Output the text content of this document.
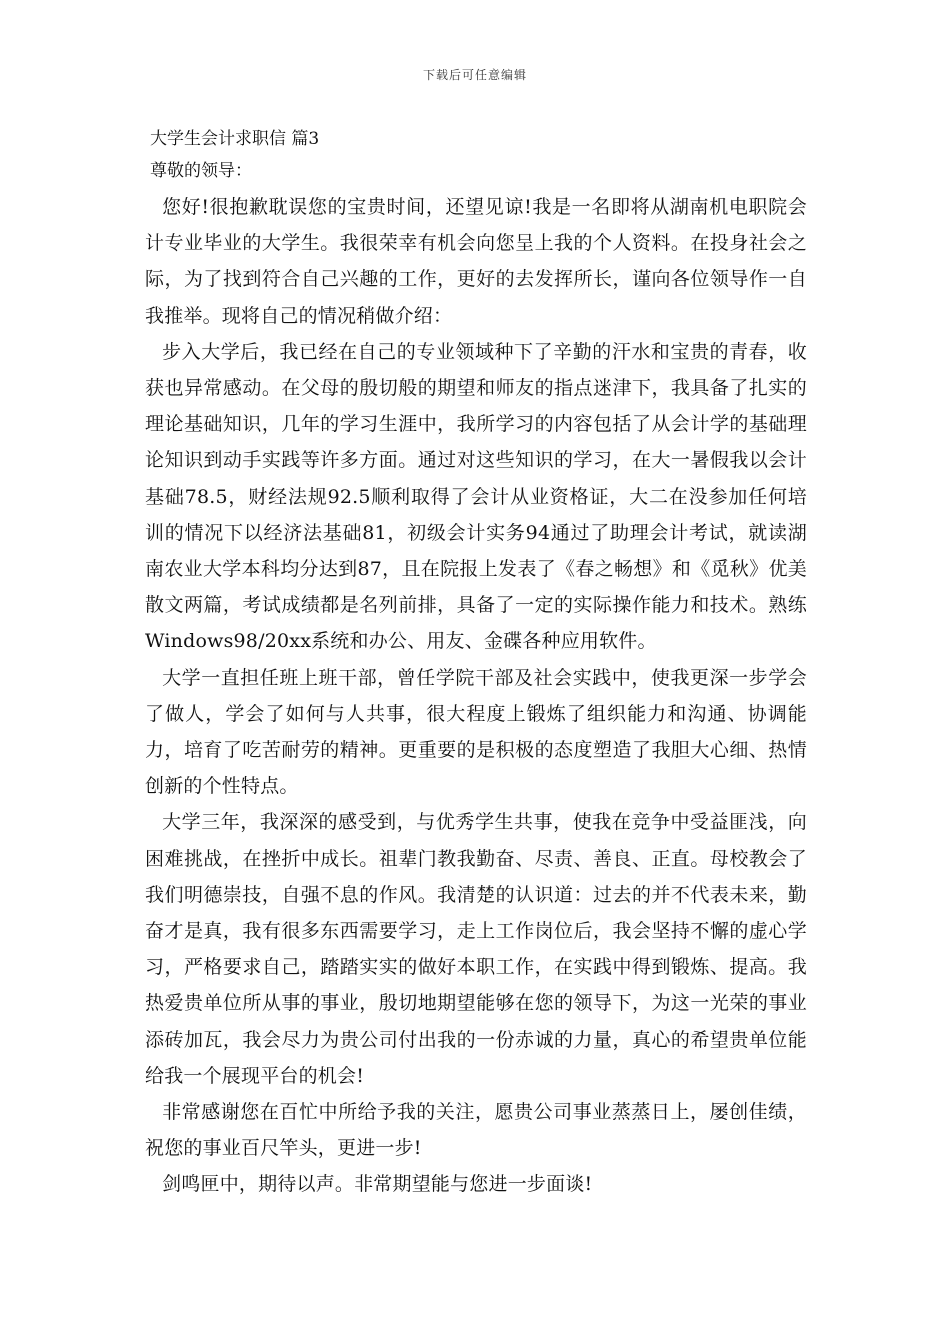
下载后可任意编辑
大学生会计求职信 篇3
尊敬的领导：

您好!很抱歉耽误您的宝贵时间，还望见谅!我是一名即将从湖南机电职院会计专业毕业的大学生。我很荣幸有机会向您呈上我的个人资料。在投身社会之际，为了找到符合自己兴趣的工作，更好的去发挥所长，谨向各位领导作一自我推举。现将自己的情况稍做介绍：

步入大学后，我已经在自己的专业领域种下了辛勤的汗水和宝贵的青春，收获也异常感动。在父母的殷切般的期望和师友的指点迷津下，我具备了扎实的理论基础知识，几年的学习生涯中，我所学习的内容包括了从会计学的基础理论知识到动手实践等许多方面。通过对这些知识的学习，在大一暑假我以会计基础78.5，财经法规92.5顺利取得了会计从业资格证，大二在没参加任何培训的情况下以经济法基础81，初级会计实务94通过了助理会计考试，就读湖南农业大学本科均分达到87，且在院报上发表了《春之畅想》和《觅秋》优美散文两篇，考试成绩都是名列前排，具备了一定的实际操作能力和技术。熟练Windows98/20xx系统和办公、用友、金碟各种应用软件。

大学一直担任班上班干部，曾任学院干部及社会实践中，使我更深一步学会了做人，学会了如何与人共事，很大程度上锻炼了组织能力和沟通、协调能力，培育了吃苦耐劳的精神。更重要的是积极的态度塑造了我胆大心细、热情创新的个性特点。

大学三年，我深深的感受到，与优秀学生共事，使我在竞争中受益匪浅，向困难挑战，在挫折中成长。祖辈门教我勤奋、尽责、善良、正直。母校教会了我们明德崇技，自强不息的作风。我清楚的认识道：过去的并不代表未来，勤奋才是真，我有很多东西需要学习，走上工作岗位后，我会坚持不懈的虚心学习，严格要求自己，踏踏实实的做好本职工作，在实践中得到锻炼、提高。我热爱贵单位所从事的事业，殷切地期望能够在您的领导下，为这一光荣的事业添砖加瓦，我会尽力为贵公司付出我的一份赤诚的力量，真心的希望贵单位能给我一个展现平台的机会!

非常感谢您在百忙中所给予我的关注，愿贵公司事业蒸蒸日上，屡创佳绩，祝您的事业百尺竿头，更进一步!

剑鸣匣中，期待以声。非常期望能与您进一步面谈!
